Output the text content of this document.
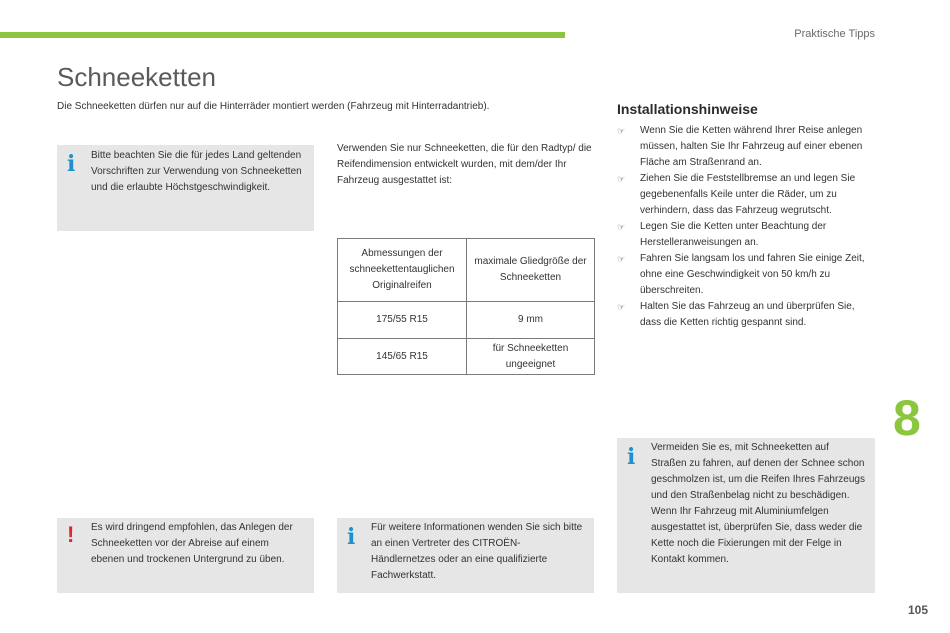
Praktische Tipps
Schneeketten

Die Schneeketten dürfen nur auf die Hinterräder montiert werden (Fahrzeug mit Hinterradantrieb).

i Bitte beachten Sie die für jedes Land geltenden Vorschriften zur Verwendung von Schneeketten und die erlaubte Höchstgeschwindigkeit.

Verwenden Sie nur Schneeketten, die für den Radtyp/ die Reifendimension entwickelt wurden, mit dem/der Ihr Fahrzeug ausgestattet ist:

Abmessungen der schneekettentauglichen Originalreifen	maximale Gliedgröße der Schneeketten
175/55 R15	9 mm
145/65 R15	für Schneeketten ungeeignet
Installationshinweise
☞ Wenn Sie die Ketten während Ihrer Reise anlegen müssen, halten Sie Ihr Fahrzeug auf einer ebenen Fläche am Straßenrand an.
☞ Ziehen Sie die Feststellbremse an und legen Sie gegebenenfalls Keile unter die Räder, um zu verhindern, dass das Fahrzeug wegrutscht.
☞ Legen Sie die Ketten unter Beachtung der Herstelleranweisungen an.
☞ Fahren Sie langsam los und fahren Sie einige Zeit, ohne eine Geschwindigkeit von 50 km/h zu überschreiten.
☞ Halten Sie das Fahrzeug an und überprüfen Sie, dass die Ketten richtig gespannt sind.
i Vermeiden Sie es, mit Schneeketten auf Straßen zu fahren, auf denen der Schnee schon geschmolzen ist, um die Reifen Ihres Fahrzeugs und den Straßenbelag nicht zu beschädigen. Wenn Ihr Fahrzeug mit Aluminiumfelgen ausgestattet ist, überprüfen Sie, dass weder die Kette noch die Fixierungen mit der Felge in Kontakt kommen.

! Es wird dringend empfohlen, das Anlegen der Schneeketten vor der Abreise auf einem ebenen und trockenen Untergrund zu üben.

i Für weitere Informationen wenden Sie sich bitte an einen Vertreter des CITROËN-Händlernetzes oder an eine qualifizierte Fachwerkstatt.

8
105
